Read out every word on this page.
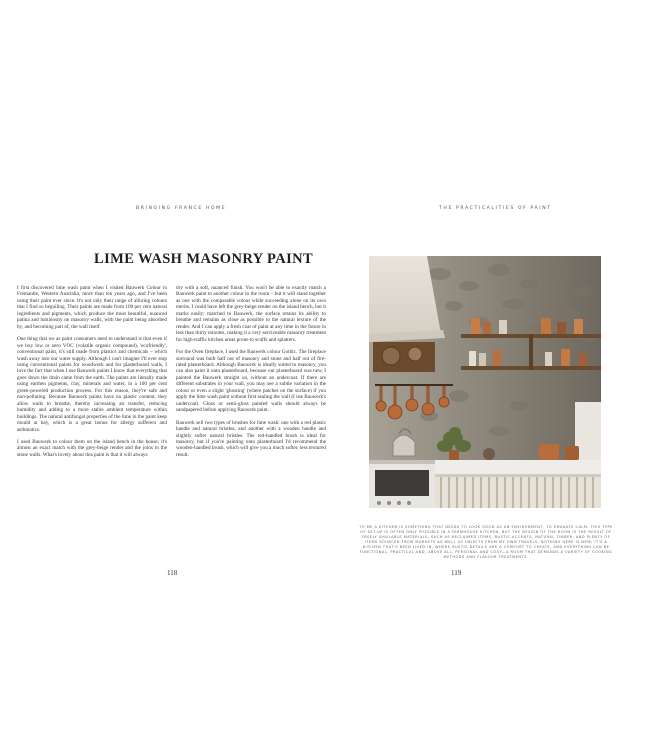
BRINGING FRANCE HOME
LIME WASH MASONRY PAINT

I first discovered lime wash paint when I visited Bauwerk Colour in Fremantle, Western Australia, more than ten years ago, and I've been using their paint ever since. It's not only their range of alluring colours that I find so beguiling. Their paints are made from 100 per cent natural ingredients and pigments, which produce the most beautiful, nuanced patina and luminosity on masonry walls, with the paint being absorbed by, and becoming part of, the wall itself.

One thing that we as paint consumers need to understand is that even if we buy low or zero VOC (volatile organic compound), 'ecofriendly', conventional paint, it's still made from plastics and chemicals – which wash away into our water supply. Although I can't imagine I'll ever stop using conventional paints for woodwork and for plasterboard walls, I love the fact that when I use Bauwerk paints I know that everything that goes down the drain came from the earth. The paints are literally made using earthen pigments, clay, minerals and water, in a 100 per cent green-powered production process. For this reason, they're safe and non-polluting. Because Bauwerk paints have no plastic content, they allow walls to breathe, thereby increasing air transfer, reducing humidity and adding to a more stable ambient temperature within buildings. The natural antifungal properties of the lime in the paint keep mould at bay, which is a great bonus for allergy sufferers and asthmatics.

I used Bauwerk to colour them on the island bench in the house; it's almost an exact match with the grey-beige render and the joins in the stone walls. What's lovely about this paint is that it will always

dry with a soft, nuanced finish. You won't be able to exactly match a Bauwerk paint to another colour in the room – but it will stand together as one with the comparable colour while succeeding alone on its own merits. I could have left the grey-beige render on the island bench, but it marks easily; matched to Bauwerk, the surface retains its ability to breathe and remains as close as possible to the natural texture of the render. And I can apply a fresh coat of paint at any time in the future in less than thirty minutes, making it a very serviceable masonry treatment for high-traffic kitchen areas prone to scuffs and splatters.

For the Oven fireplace, I used the Bauwerk colour Gothic. The fireplace surround was built half out of masonry and stone and half out of fire-rated plasterboard. Although Bauwerk is ideally suited to masonry, you can also paint it onto plasterboard, because our plasterboard was new, I painted the Bauwerk straight on, without an undercoat. If there are different substrates in your wall, you may see a subtle variation in the colour or even a slight 'ghosting' (where patches on the surface) if you apply the lime wash paint without first sealing the wall (I use Bauwerk's undercoat). Gloss or semi-gloss painted walls should always be sandpapered before applying Bauwerk paint.

Bauwerk sell two types of brushes for lime wash: one with a red plastic handle and natural bristles, and another with a wooden handle and slightly softer natural bristles. The red-handled brush is ideal for masonry, but if you're painting onto plasterboard I'd recommend the wooden-handled brush, which will give you a much softer, less textured result.

118
THE PRACTICALITIES OF PAINT
TO ME A KITCHEN IS SOMETHING THAT NEEDS TO LOOK GOOD AS AN ENVIRONMENT, TO EMANATE CALM. THIS TYPE OF SET-UP IS OFTEN ONLY POSSIBLE IN A FARMHOUSE KITCHEN, BUT THE DESIGN OF THE ROOM IS THE RESULT OF FREELY AVAILABLE MATERIALS, SUCH AS RECLAIMED ITEMS, RUSTIC ACCENTS, NATURAL TIMBER, AND PLENTY OF ITEMS SOURCED FROM MARKETS AS WELL AS OBJECTS FROM MY OWN TRAVELS. NOTHING HERE IS NEW; IT'S A KITCHEN THAT'S BEEN LIVED IN, WHERE RUSTIC DETAILS ARE A COMFORT TO CREATE, AND EVERYTHING CAN BE FUNCTIONAL, PRACTICAL AND, ABOVE ALL, PERSONAL AND COSY—A ROOM THAT DEMANDS A VARIETY OF COOKING METHODS AND FLAVOUR TREATMENTS.
119
